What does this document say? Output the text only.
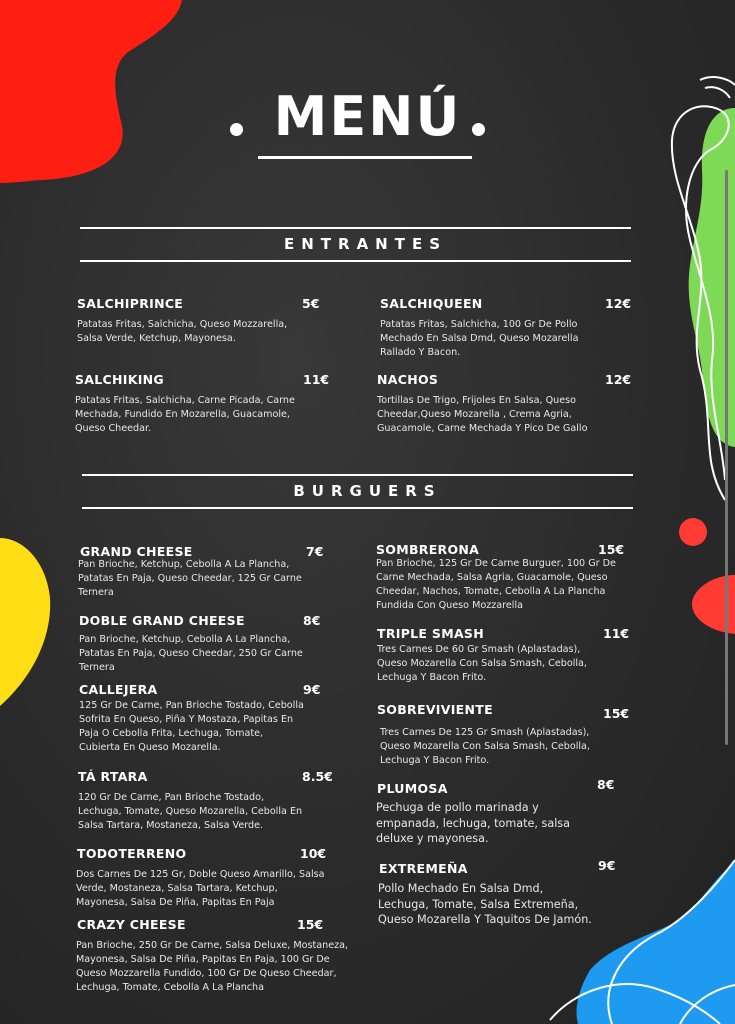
MENÚ
ENTRANTES
SALCHIPRINCE	5€
Patatas Fritas, Salchicha, Queso Mozzarella, Salsa Verde, Ketchup, Mayonesa.
SALCHIQUEEN	12€
Patatas Fritas, Salchicha, 100 Gr De Pollo Mechado En Salsa Dmd, Queso Mozarella Rallado Y Bacon.
SALCHIKING	11€
Patatas Fritas, Salchicha, Carne Picada, Carne Mechada, Fundido En Mozarella, Guacamole, Queso Cheedar.
NACHOS	12€
Tortillas De Trigo, Frijoles En Salsa, Queso Cheedar,Queso Mozarella , Crema Agria, Guacamole, Carne Mechada Y Pico De Gallo
BURGUERS
GRAND CHEESE	7€
Pan Brioche, Ketchup, Cebolla A La Plancha, Patatas En Paja, Queso Cheedar, 125 Gr Carne Ternera
DOBLE GRAND CHEESE	8€
Pan Brioche, Ketchup, Cebolla A La Plancha, Patatas En Paja, Queso Cheedar, 250 Gr Carne Ternera
CALLEJERA	9€
125 Gr De Carne, Pan Brioche Tostado, Cebolla Sofrita En Queso, Piña Y Mostaza, Papitas En Paja O Cebolla Frita, Lechuga, Tomate, Cubierta En Queso Mozarella.
TÁ RTARA	8.5€
120 Gr De Carne, Pan Brioche Tostado, Lechuga, Tomate, Queso Mozarella, Cebolla En Salsa Tartara, Mostaneza, Salsa Verde.
TODOTERRENO	10€
Dos Carnes De 125 Gr, Doble Queso Amarillo, Salsa Verde, Mostaneza, Salsa Tartara, Ketchup, Mayonesa, Salsa De Piña, Papitas En Paja
CRAZY CHEESE	15€
Pan Brioche, 250 Gr De Carne, Salsa Deluxe, Mostaneza, Mayonesa, Salsa De Piña, Papitas En Paja, 100 Gr De Queso Mozzarella Fundido, 100 Gr De Queso Cheedar, Lechuga, Tomate, Cebolla A La Plancha
SOMBRERONA	15€
Pan Brioche, 125 Gr De Carne Burguer, 100 Gr De Carne Mechada, Salsa Agria, Guacamole, Queso Cheedar, Nachos, Tomate, Cebolla A La Plancha Fundida Con Queso Mozzarella
TRIPLE SMASH	11€
Tres Carnes De 60 Gr Smash (Aplastadas), Queso Mozarella Con Salsa Smash, Cebolla, Lechuga Y Bacon Frito.
SOBREVIVIENTE	15€
Tres Carnes De 125 Gr Smash (Aplastadas), Queso Mozarella Con Salsa Smash, Cebolla, Lechuga Y Bacon Frito.
PLUMOSA	8€
Pechuga de pollo marinada y empanada, lechuga, tomate, salsa deluxe y mayonesa.
EXTREMEÑA	9€
Pollo Mechado En Salsa Dmd, Lechuga, Tomate, Salsa Extremeña, Queso Mozarella Y Taquitos De Jamón.
